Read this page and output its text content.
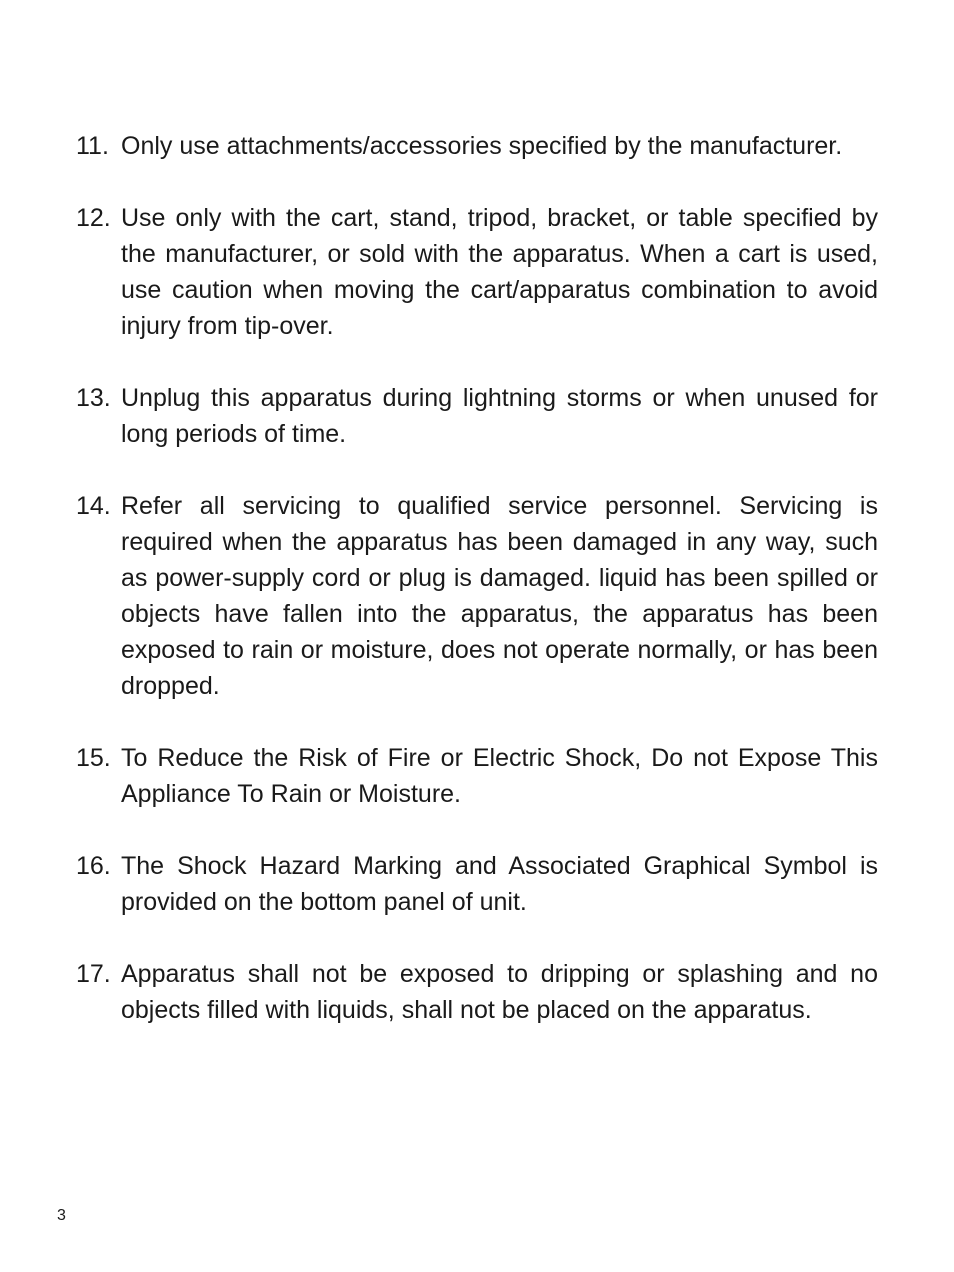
11. Only use attachments/accessories specified by the manufacturer.
12. Use only with the cart, stand, tripod, bracket, or table specified by the manufacturer, or sold with the apparatus. When a cart is used, use caution when moving the cart/apparatus combination to avoid injury from tip-over.
13. Unplug this apparatus during lightning storms or when unused for long periods of time.
14. Refer all servicing to qualified service personnel. Servicing is required when the apparatus has been damaged in any way, such as power-supply cord or plug is damaged. liquid has been spilled or objects have fallen into the apparatus, the apparatus has been exposed to rain or moisture, does not operate normally, or has been dropped.
15. To Reduce the Risk of Fire or Electric Shock, Do not Expose This Appliance To Rain or Moisture.
16. The Shock Hazard Marking and Associated Graphical Symbol is provided on the bottom panel of unit.
17. Apparatus shall not be exposed to dripping or splashing and no objects filled with liquids, shall not be placed on the apparatus.
3
